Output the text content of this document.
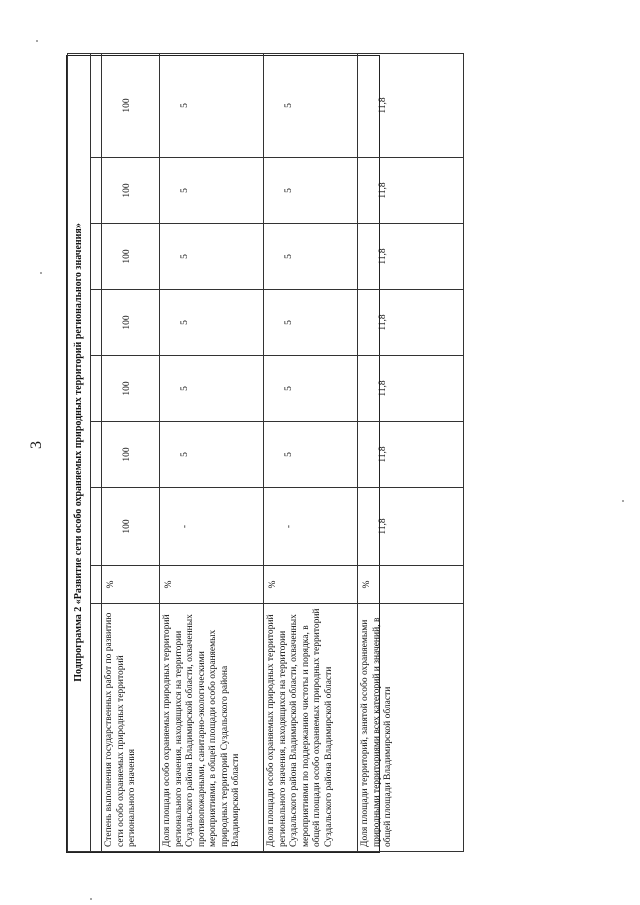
3	Подпрограмма 2 «Развитие сети особо охраняемых природных территорий регионального значения»								

Степень выполнения государственных работ по развитию сети особо охраняемых природных территорий регионального значения	%	100	100	100	100	100	100	100
Доля площади особо охраняемых природных территорий регионального значения, находящихся на территории Суздальского района Владимирской области, охваченных противопожарными, санитарно-экологическими мероприятиями, в общей площади особо охраняемых природных территорий Суздальского района Владимирской области	%	-	5	5	5	5	5	5
Доля площади особо охраняемых природных территорий регионального значения, находящихся на территории Суздальского района Владимирской области, охваченных мероприятиями по поддержанию чистоты и порядка, в общей площади особо охраняемых природных территорий Суздальского района Владимирской области	%	-	5	5	5	5	5	5
Доля площади территорий, занятой особо охраняемыми природными территориями всех категорий и значений, в общей площади Владимирской области	%	11,8	11,8	11,8	11,8	11,8	11,8	11,8
